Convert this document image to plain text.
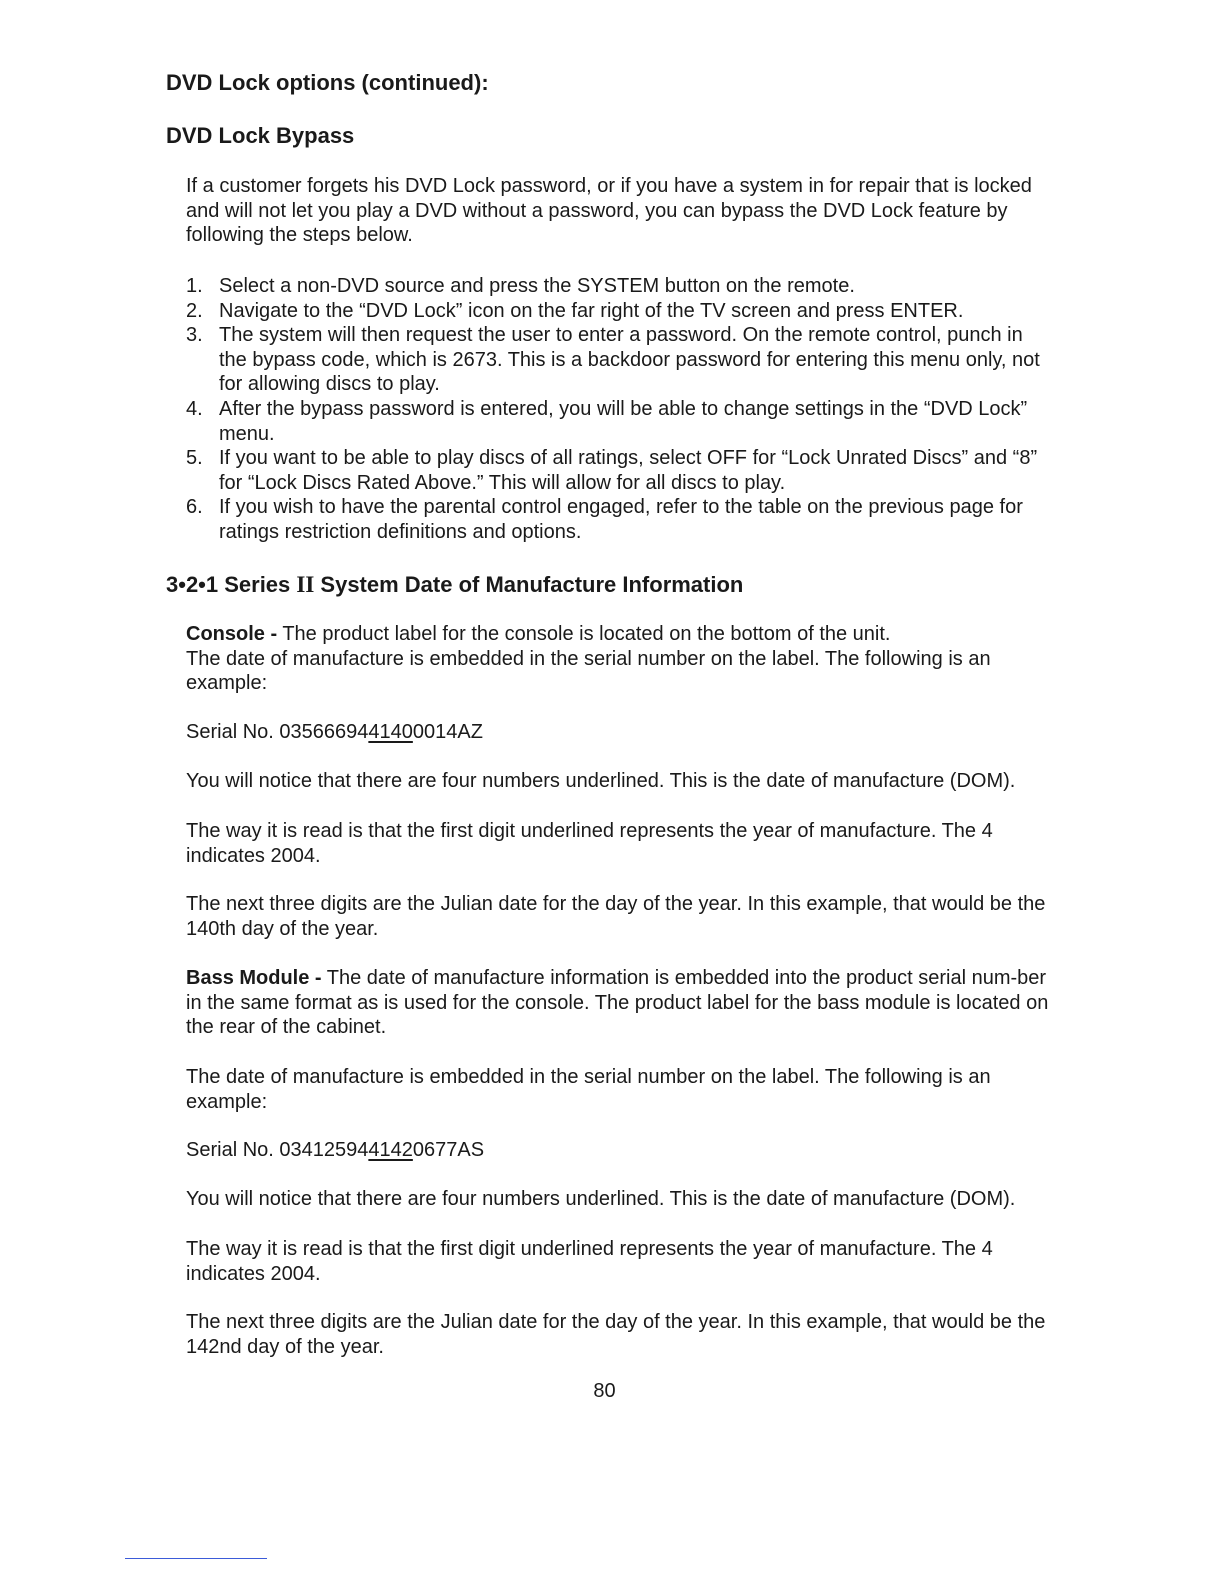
DVD Lock options (continued):
DVD Lock Bypass

If a customer forgets his DVD Lock password, or if you have a system in for repair that is locked and will not let you play a DVD without a password, you can bypass the DVD Lock feature by following the steps below.

1. Select a non-DVD source and press the SYSTEM button on the remote.
2. Navigate to the “DVD Lock” icon on the far right of the TV screen and press ENTER.
3. The system will then request the user to enter a password. On the remote control, punch in the bypass code, which is 2673. This is a backdoor password for entering this menu only, not for allowing discs to play.
4. After the bypass password is entered, you will be able to change settings in the “DVD Lock” menu.
5. If you want to be able to play discs of all ratings, select OFF for “Lock Unrated Discs” and “8” for “Lock Discs Rated Above.” This will allow for all discs to play.
6. If you wish to have the parental control engaged, refer to the table on the previous page for ratings restriction definitions and options.
3•2•1 Series II System Date of Manufacture Information

Console - The product label for the console is located on the bottom of the unit.
The date of manufacture is embedded in the serial number on the label. The following is an example:

Serial No. 0356669441400014AZ

You will notice that there are four numbers underlined. This is the date of manufacture (DOM).

The way it is read is that the first digit underlined represents the year of manufacture. The 4 indicates 2004.

The next three digits are the Julian date for the day of the year. In this example, that would be the 140th day of the year.

Bass Module - The date of manufacture information is embedded into the product serial num-ber in the same format as is used for the console. The product label for the bass module is located on the rear of the cabinet.

The date of manufacture is embedded in the serial number on the label. The following is an example:

Serial No. 0341259441420677AS

You will notice that there are four numbers underlined. This is the date of manufacture (DOM).

The way it is read is that the first digit underlined represents the year of manufacture. The 4 indicates 2004.

The next three digits are the Julian date for the day of the year. In this example, that would be the 142nd day of the year.

80
